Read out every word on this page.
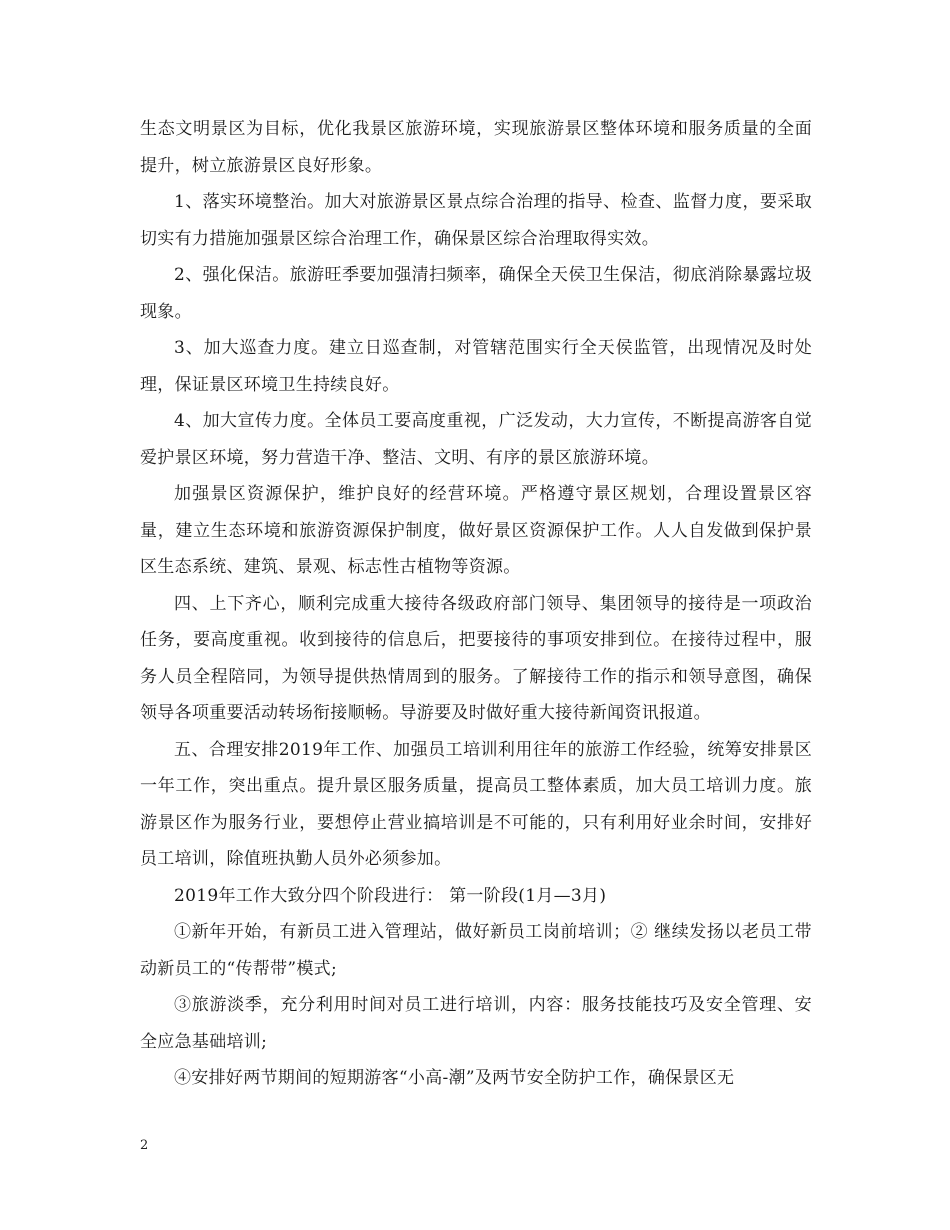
生态文明景区为目标，优化我景区旅游环境，实现旅游景区整体环境和服务质量的全面提升，树立旅游景区良好形象。

1、落实环境整治。加大对旅游景区景点综合治理的指导、检查、监督力度，要采取切实有力措施加强景区综合治理工作，确保景区综合治理取得实效。

2、强化保洁。旅游旺季要加强清扫频率，确保全天侯卫生保洁，彻底消除暴露垃圾现象。

3、加大巡查力度。建立日巡查制，对管辖范围实行全天侯监管，出现情况及时处理，保证景区环境卫生持续良好。

4、加大宣传力度。全体员工要高度重视，广泛发动，大力宣传，不断提高游客自觉爱护景区环境，努力营造干净、整洁、文明、有序的景区旅游环境。

加强景区资源保护，维护良好的经营环境。严格遵守景区规划，合理设置景区容量，建立生态环境和旅游资源保护制度，做好景区资源保护工作。人人自发做到保护景区生态系统、建筑、景观、标志性古植物等资源。

四、上下齐心，顺利完成重大接待各级政府部门领导、集团领导的接待是一项政治任务，要高度重视。收到接待的信息后，把要接待的事项安排到位。在接待过程中，服务人员全程陪同，为领导提供热情周到的服务。了解接待工作的指示和领导意图，确保领导各项重要活动转场衔接顺畅。导游要及时做好重大接待新闻资讯报道。

五、合理安排2019年工作、加强员工培训利用往年的旅游工作经验，统筹安排景区一年工作，突出重点。提升景区服务质量，提高员工整体素质，加大员工培训力度。旅游景区作为服务行业，要想停止营业搞培训是不可能的，只有利用好业余时间，安排好员工培训，除值班执勤人员外必须参加。

2019年工作大致分四个阶段进行： 第一阶段(1月—3月)

①新年开始，有新员工进入管理站，做好新员工岗前培训；② 继续发扬以老员工带动新员工的“传帮带”模式;

③旅游淡季，充分利用时间对员工进行培训，内容：服务技能技巧及安全管理、安全应急基础培训;

④安排好两节期间的短期游客“小高-潮”及两节安全防护工作，确保景区无

2
